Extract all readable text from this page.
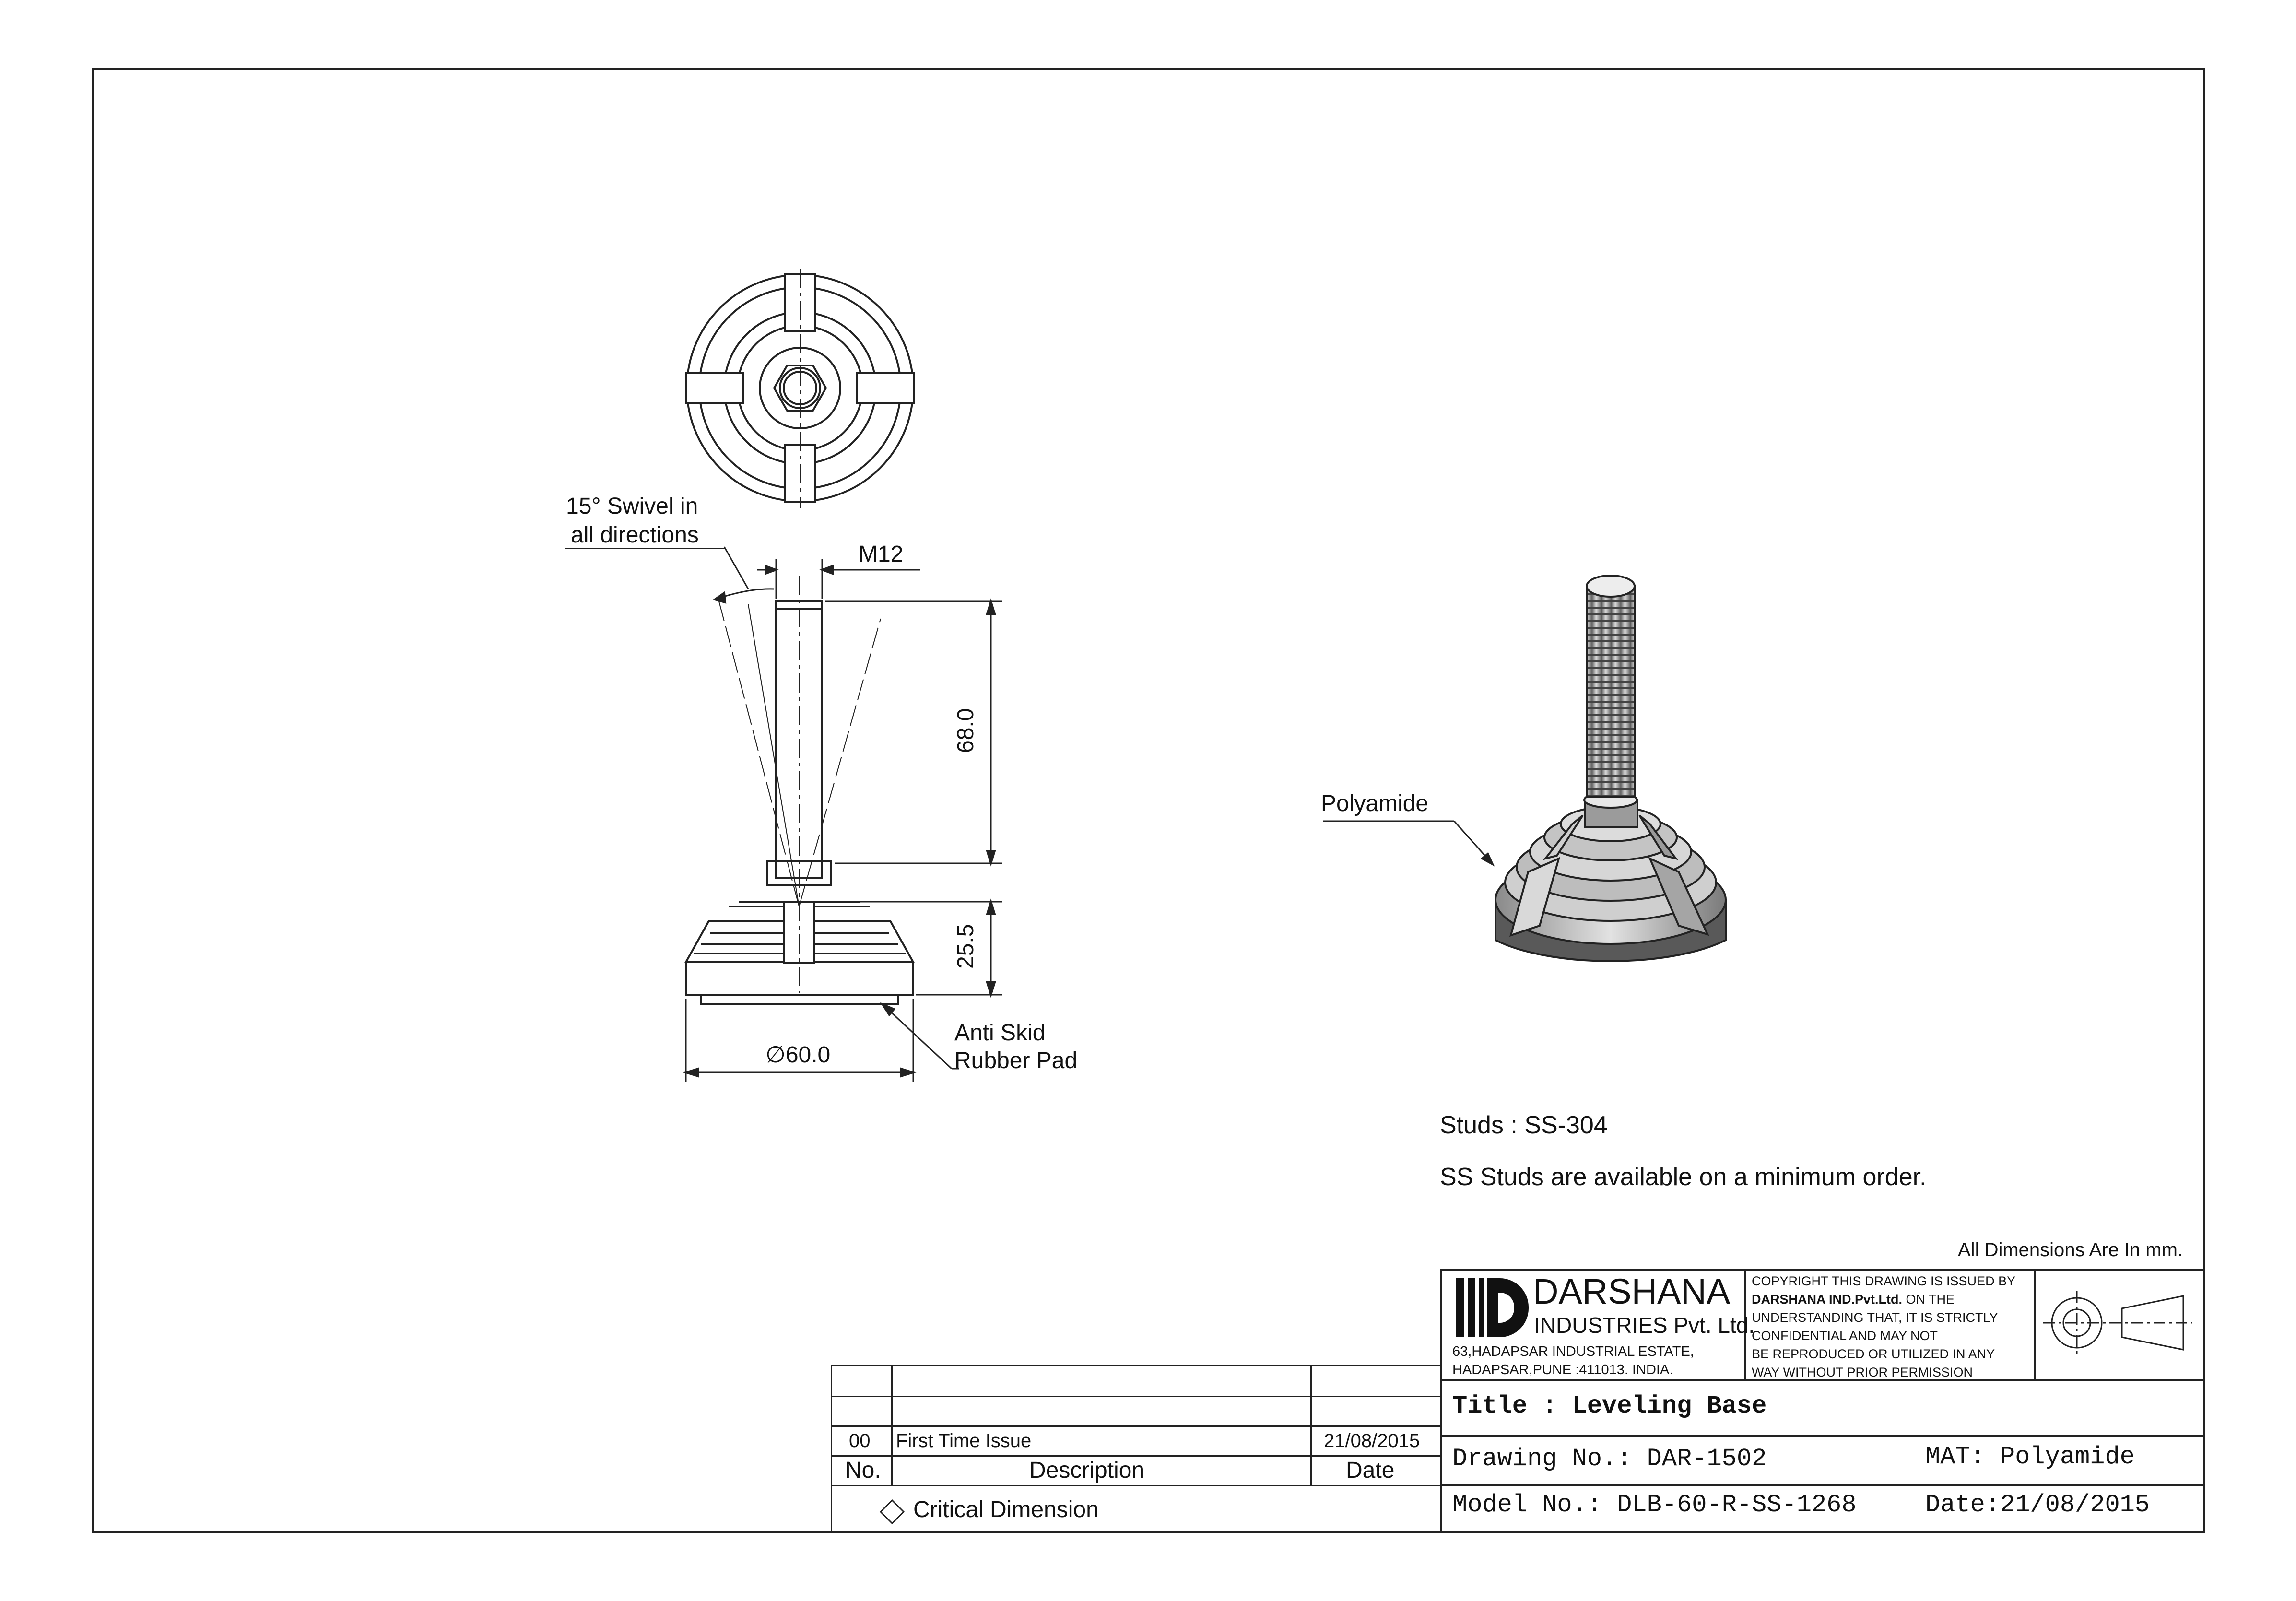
15° Swivel in
all directions
M12
68.0
25.5
∅60.0
Anti Skid
Rubber Pad
Polyamide
Studs : SS-304
SS Studs are available on a minimum order.
All Dimensions Are In mm.
DARSHANA
INDUSTRIES Pvt. Ltd.
63,HADAPSAR INDUSTRIAL ESTATE,
HADAPSAR,PUNE :411013. INDIA.
COPYRIGHT THIS DRAWING IS ISSUED BY
DARSHANA IND.Pvt.Ltd. ON THE
UNDERSTANDING THAT, IT IS STRICTLY
CONFIDENTIAL AND MAY NOT
BE REPRODUCED OR UTILIZED IN ANY
WAY WITHOUT PRIOR PERMISSION
Title : Leveling Base
Drawing No.: DAR-1502	MAT: Polyamide
Model No.: DLB-60-R-SS-1268	Date:21/08/2015
00 First Time Issue	21/08/2015
No.	Description	Date
Critical Dimension
